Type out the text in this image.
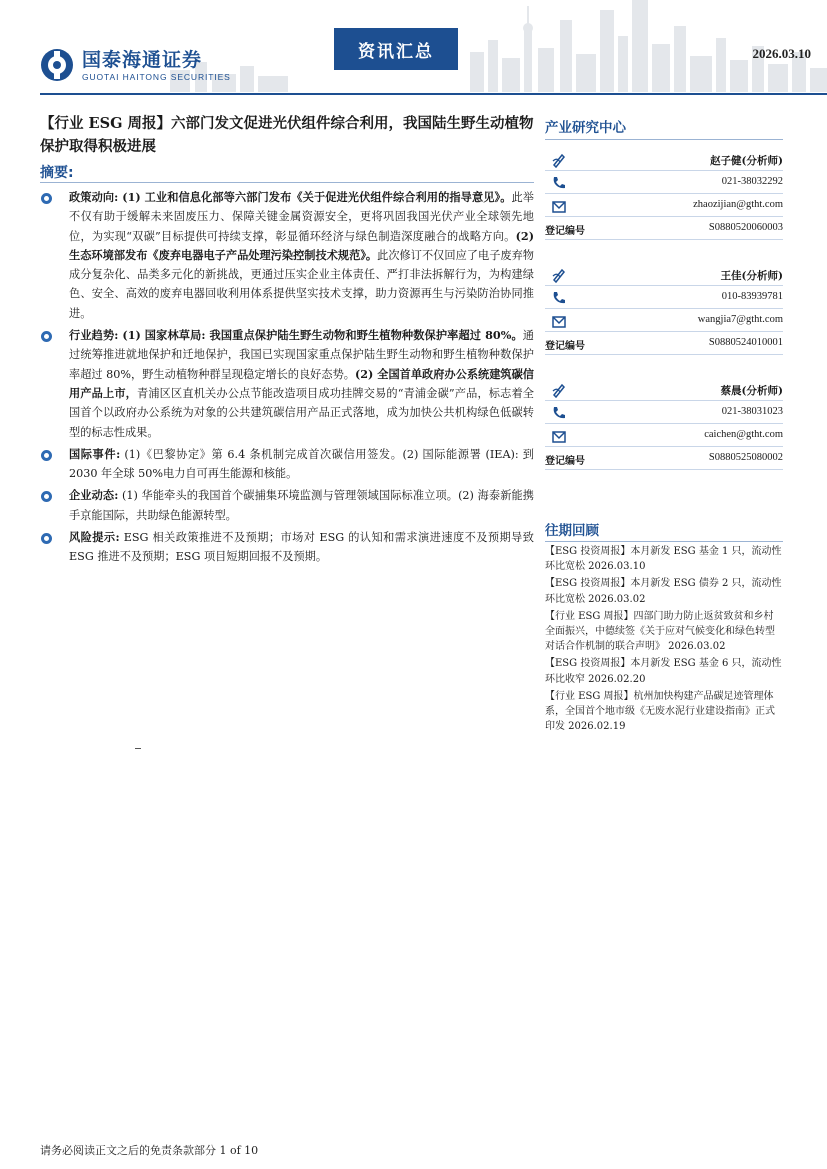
国泰海通证券
GUOTAI HAITONG SECURITIES
资讯汇总	2026.03.10
【行业 ESG 周报】六部门发文促进光伏组件综合利用，我国陆生野生动植物保护取得积极进展
摘要:
政策动向: (1) 工业和信息化部等六部门发布《关于促进光伏组件综合利用的指导意见》。此举不仅有助于缓解未来固废压力、保障关键金属资源安全，更将巩固我国光伏产业全球领先地位，为实现“双碳”目标提供可持续支撑，彰显循环经济与绿色制造深度融合的战略方向。(2) 生态环境部发布《废弃电器电子产品处理污染控制技术规范》。此次修订不仅回应了电子废弃物成分复杂化、品类多元化的新挑战，更通过压实企业主体责任、严打非法拆解行为，为构建绿色、安全、高效的废弃电器回收利用体系提供坚实技术支撑，助力资源再生与污染防治协同推进。
行业趋势: (1) 国家林草局: 我国重点保护陆生野生动物和野生植物种数保护率超过 80%。通过统筹推进就地保护和迁地保护，我国已实现国家重点保护陆生野生动物和野生植物种数保护率超过 80%，野生动植物种群呈现稳定增长的良好态势。(2) 全国首单政府办公系统建筑碳信用产品上市，青浦区区直机关办公点节能改造项目成功挂牌交易的“青浦金碳”产品，标志着全国首个以政府办公系统为对象的公共建筑碳信用产品正式落地，成为加快公共机构绿色低碳转型的标志性成果。
国际事件: (1)《巴黎协定》第 6.4 条机制完成首次碳信用签发。(2) 国际能源署 (IEA): 到 2030 年全球 50%电力自可再生能源和核能。
企业动态: (1) 华能牵头的我国首个碳捕集环境监测与管理领域国际标准立项。(2) 海泰新能携手京能国际，共助绿色能源转型。
风险提示: ESG 相关政策推进不及预期；市场对 ESG 的认知和需求演进速度不及预期导致 ESG 推进不及预期；ESG 项目短期回报不及预期。
产业研究中心
赵子健(分析师)
021-38032292
zhaozijian@gtht.com
登记编号	S0880520060003
王佳(分析师)
010-83939781
wangjia7@gtht.com
登记编号	S0880524010001
蔡晨(分析师)
021-38031023
caichen@gtht.com
登记编号	S0880525080002
往期回顾
【ESG 投资周报】本月新发 ESG 基金 1 只，流动性环比宽松 2026.03.10
【ESG 投资周报】本月新发 ESG 债券 2 只，流动性环比宽松 2026.03.02
【行业 ESG 周报】四部门助力防止返贫致贫和乡村全面振兴，中德续签《关于应对气候变化和绿色转型对话合作机制的联合声明》 2026.03.02
【ESG 投资周报】本月新发 ESG 基金 6 只，流动性环比收窄 2026.02.20
【行业 ESG 周报】杭州加快构建产品碳足迹管理体系，全国首个地市级《无废水泥行业建设指南》正式印发 2026.02.19
请务必阅读正文之后的免责条款部分 1 of 10
